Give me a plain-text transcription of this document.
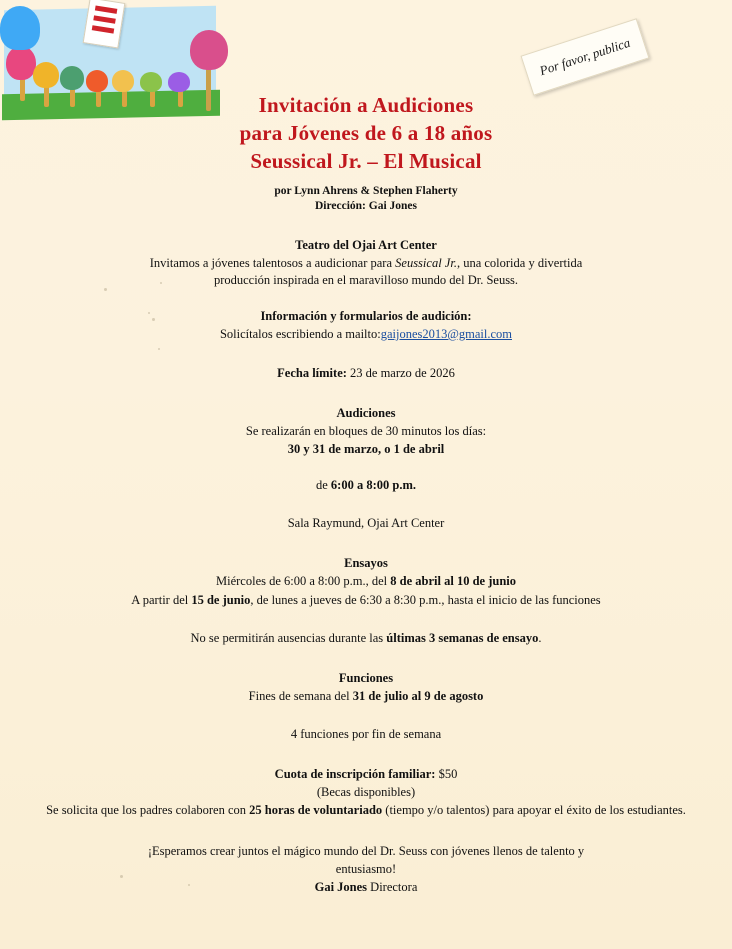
Por favor, publica
Invitación a Audiciones
para Jóvenes de 6 a 18 años
Seussical Jr. – El Musical
por Lynn Ahrens & Stephen Flaherty
Dirección: Gai Jones
Teatro del Ojai Art Center
Invitamos a jóvenes talentosos a audicionar para Seussical Jr., una colorida y divertida
producción inspirada en el maravilloso mundo del Dr. Seuss.
Información y formularios de audición:
Solicítalos escribiendo a mailto:gaijones2013@gmail.com
Fecha límite: 23 de marzo de 2026
Audiciones
Se realizarán en bloques de 30 minutos los días:
30 y 31 de marzo, o 1 de abril
de 6:00 a 8:00 p.m.
Sala Raymund, Ojai Art Center
Ensayos
Miércoles de 6:00 a 8:00 p.m., del 8 de abril al 10 de junio
A partir del 15 de junio, de lunes a jueves de 6:30 a 8:30 p.m., hasta el inicio de las funciones
No se permitirán ausencias durante las últimas 3 semanas de ensayo.
Funciones
Fines de semana del 31 de julio al 9 de agosto
4 funciones por fin de semana
Cuota de inscripción familiar: $50
(Becas disponibles)
Se solicita que los padres colaboren con 25 horas de voluntariado (tiempo y/o talentos) para apoyar el éxito de los estudiantes.
¡Esperamos crear juntos el mágico mundo del Dr. Seuss con jóvenes llenos de talento y
entusiasmo!
Gai Jones Directora
